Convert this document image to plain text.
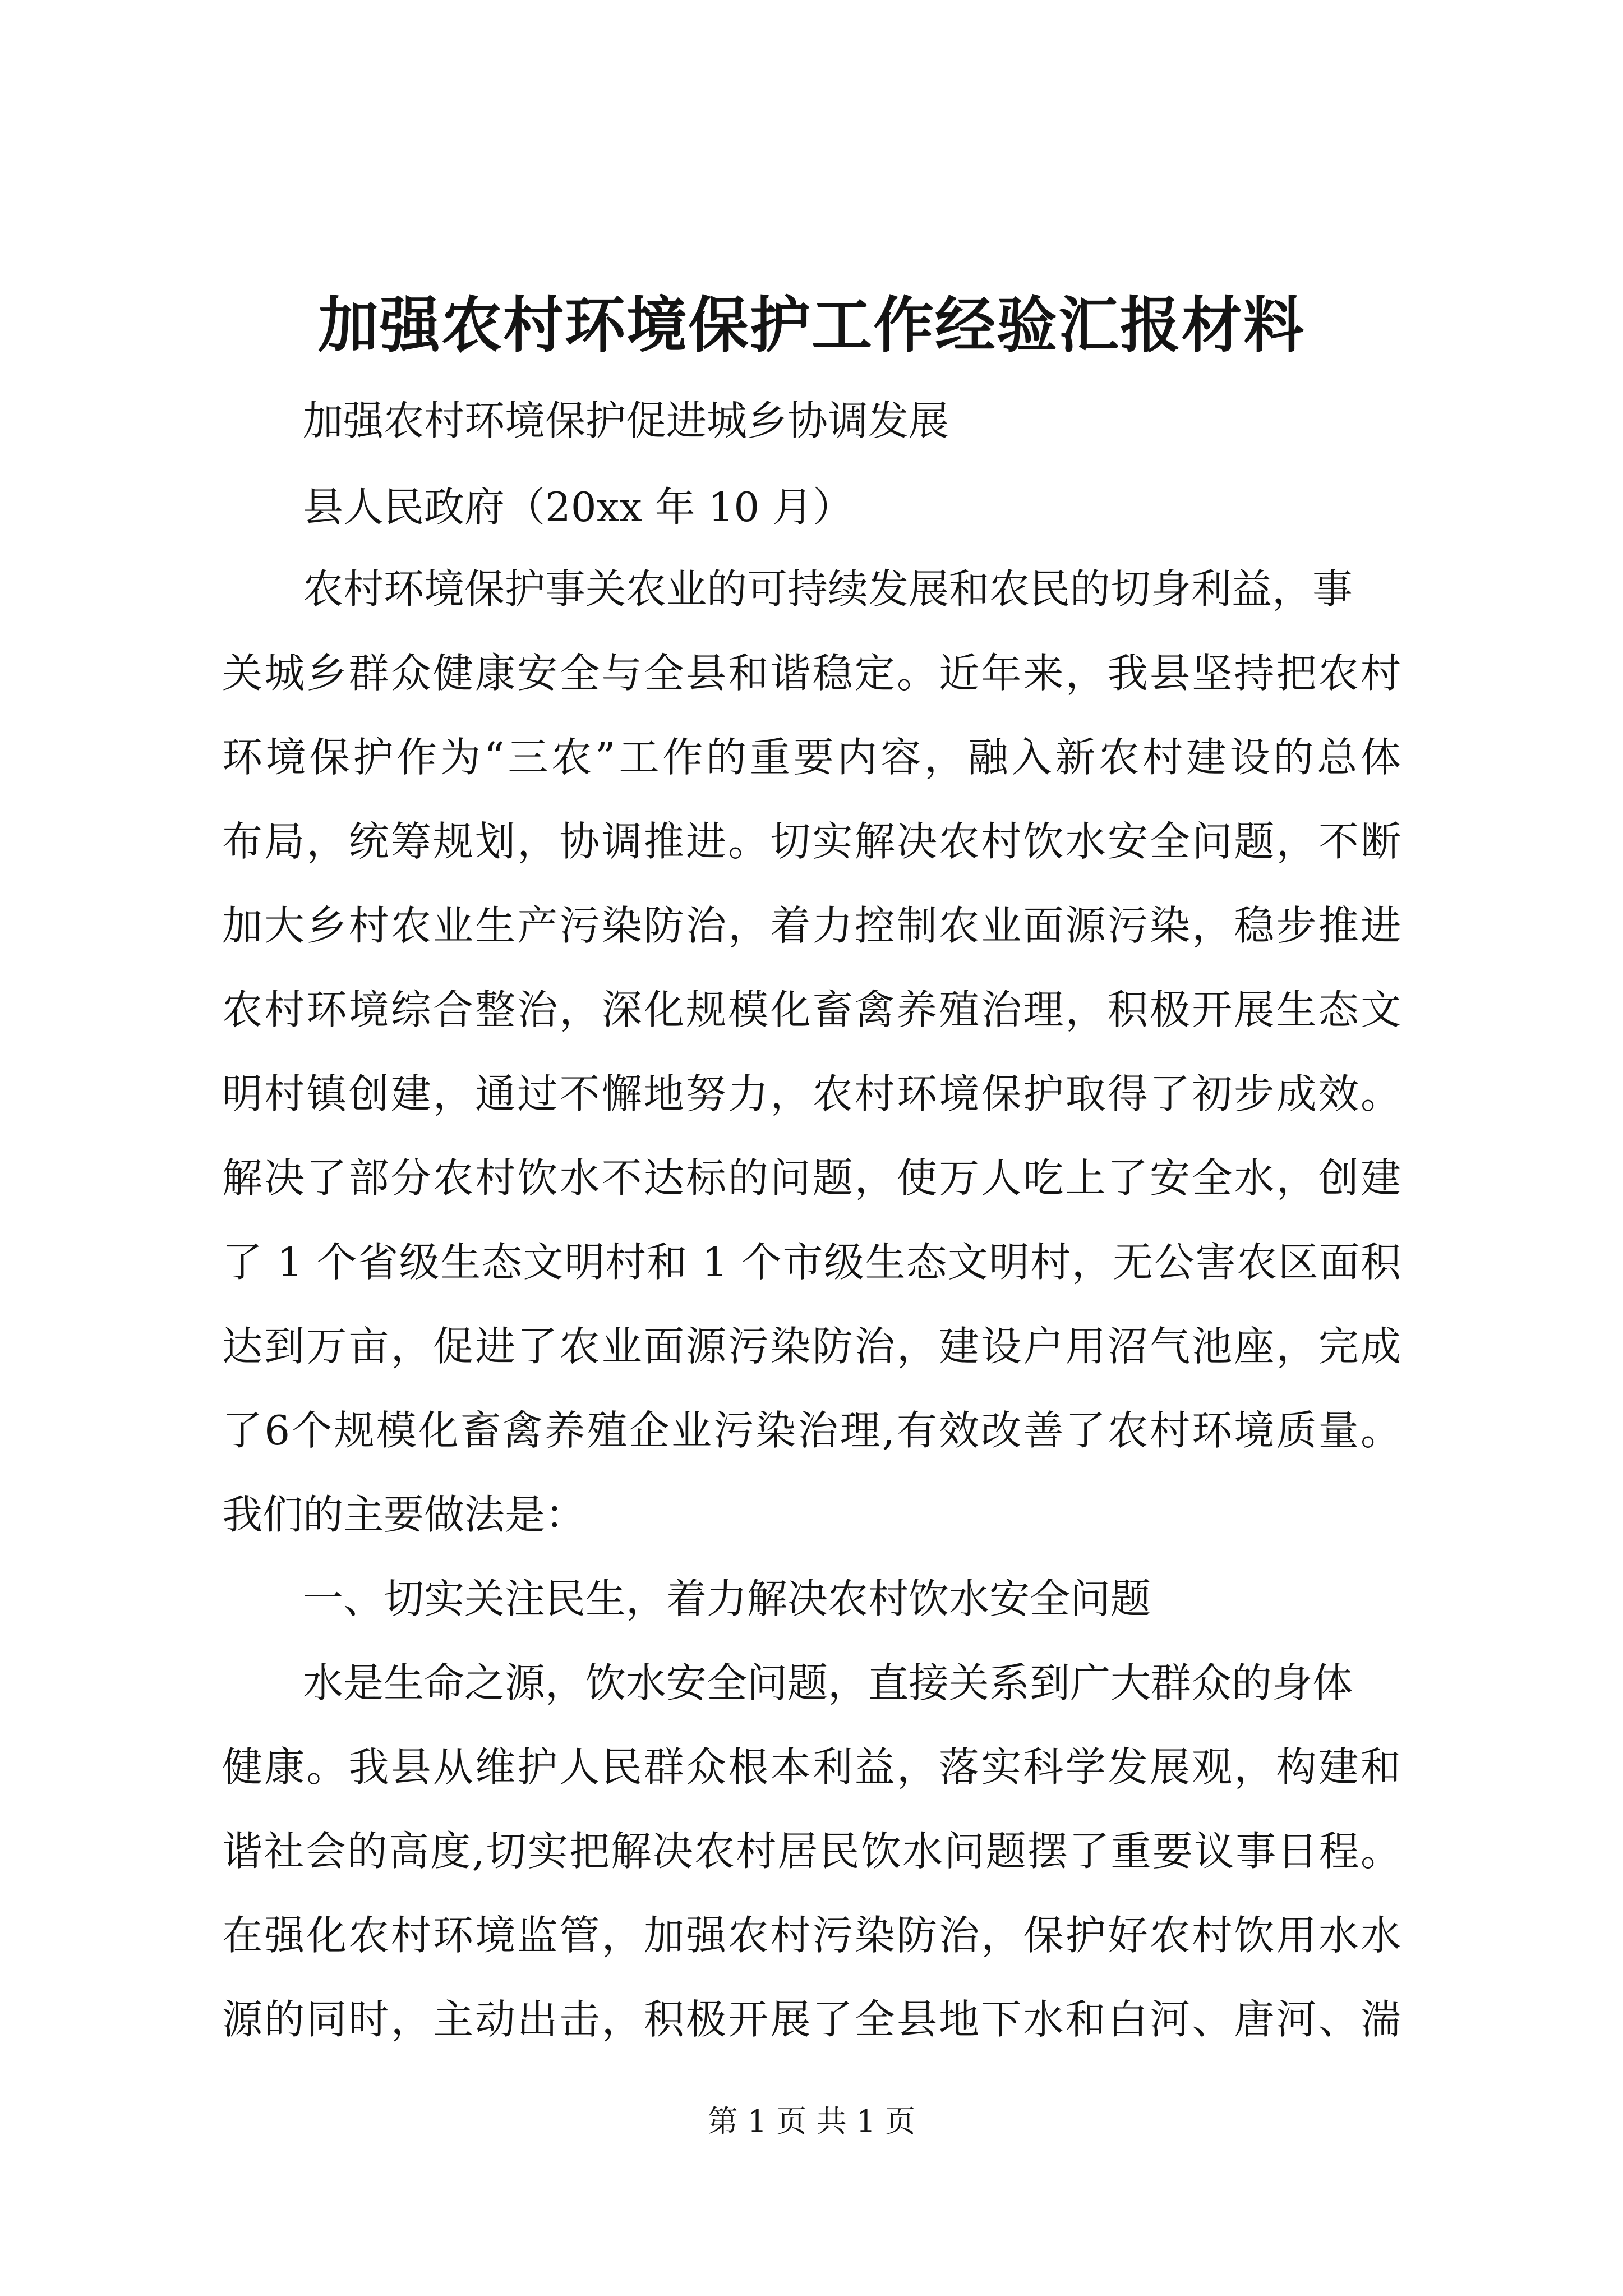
加强农村环境保护工作经验汇报材料
加强农村环境保护促进城乡协调发展
县人民政府（20xx 年 10 月）
农村环境保护事关农业的可持续发展和农民的切身利益，事
关城乡群众健康安全与全县和谐稳定。近年来，我县坚持把农村
环境保护作为“三农”工作的重要内容，融入新农村建设的总体
布局，统筹规划，协调推进。切实解决农村饮水安全问题，不断
加大乡村农业生产污染防治，着力控制农业面源污染，稳步推进
农村环境综合整治，深化规模化畜禽养殖治理，积极开展生态文
明村镇创建，通过不懈地努力，农村环境保护取得了初步成效。
解决了部分农村饮水不达标的问题，使万人吃上了安全水，创建
了 1 个省级生态文明村和 1 个市级生态文明村，无公害农区面积
达到万亩，促进了农业面源污染防治，建设户用沼气池座，完成
了6个规模化畜禽养殖企业污染治理,有效改善了农村环境质量。
我们的主要做法是：
一、切实关注民生，着力解决农村饮水安全问题
水是生命之源，饮水安全问题，直接关系到广大群众的身体
健康。我县从维护人民群众根本利益，落实科学发展观，构建和
谐社会的高度,切实把解决农村居民饮水问题摆了重要议事日程。
在强化农村环境监管，加强农村污染防治，保护好农村饮用水水
源的同时，主动出击，积极开展了全县地下水和白河、唐河、湍
第 1 页 共 1 页
